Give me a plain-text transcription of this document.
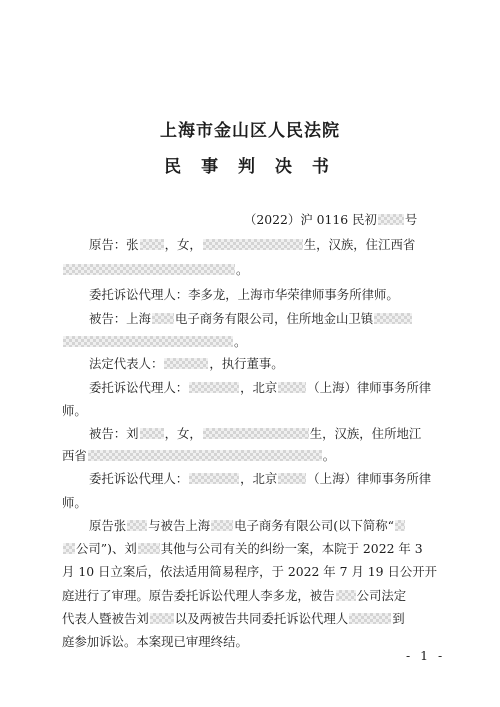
上海市金山区人民法院
民 事 判 决 书
（2022）沪 0116 民初 号
原告：张 ，女，	生，汉族，住江西省
。
委托诉讼代理人：李多龙，上海市华荣律师事务所律师。
被告：上海 电子商务有限公司，住所地金山卫镇
。
法定代表人：	，执行董事。
委托诉讼代理人：	，北京 （上海）律师事务所律
师。
被告：刘 ，女，	生，汉族，住所地江
西省	。
委托诉讼代理人：	，北京 （上海）律师事务所律
师。
原告张 与被告上海 电子商务有限公司(以下简称“
公司”)、刘 其他与公司有关的纠纷一案，本院于 2022 年 3
月 10 日立案后，依法适用简易程序，于 2022 年 7 月 19 日公开开
庭进行了审理。原告委托诉讼代理人李多龙，被告 公司法定
代表人暨被告刘 以及两被告共同委托诉讼代理人	到
庭参加诉讼。本案现已审理终结。
- 1 -
